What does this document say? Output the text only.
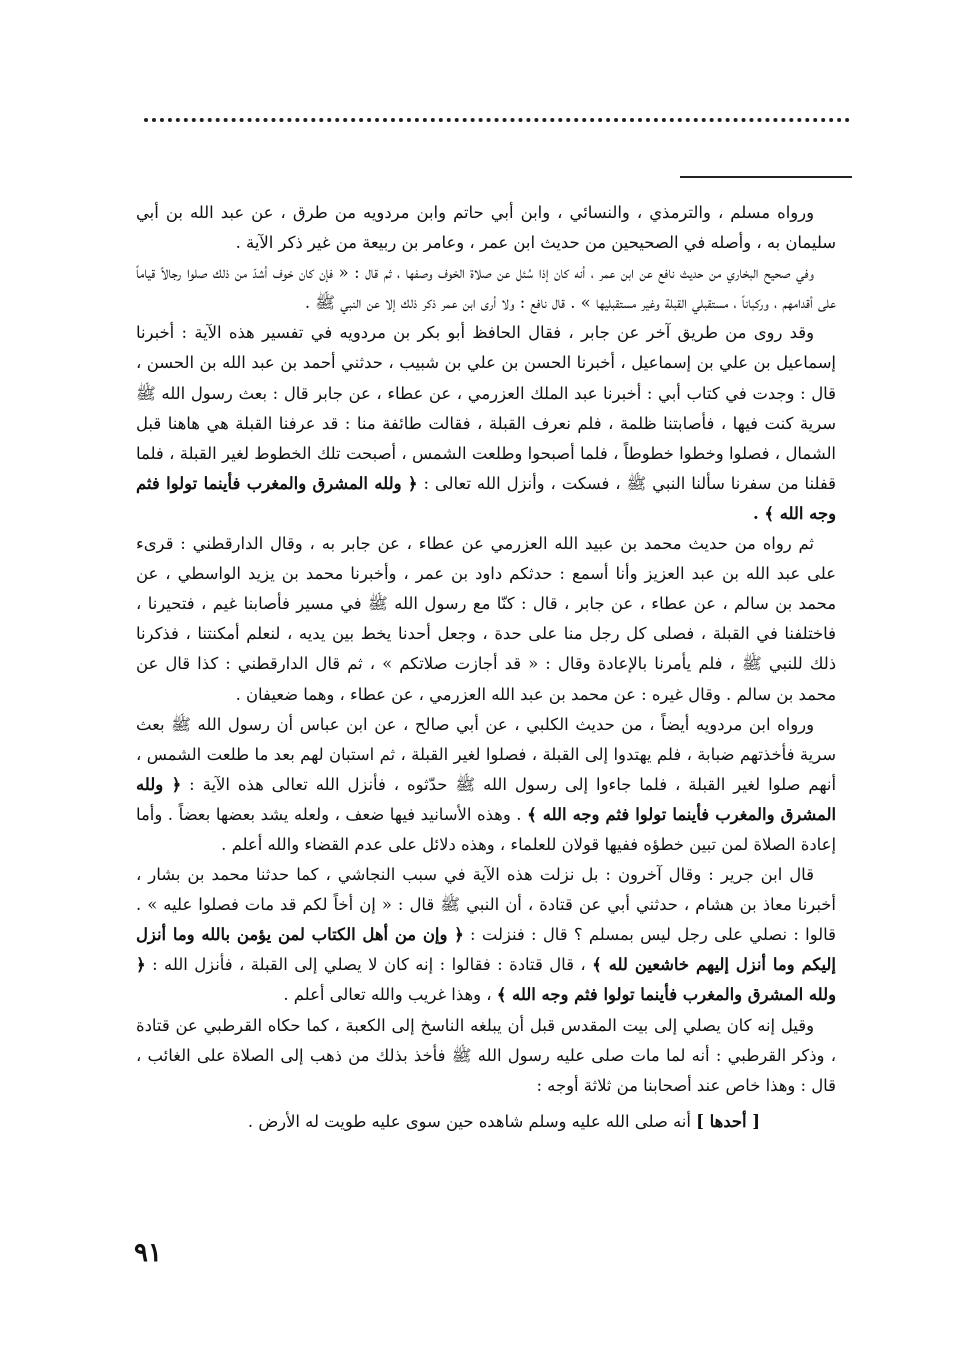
ورواه مسلم ، والترمذي ، والنسائي ، وابن أبي حاتم وابن مردويه من طرق ، عن عبد الله بن أبي سليمان به ، وأصله في الصحيحين من حديث ابن عمر ، وعامر بن ربيعة من غير ذكر الآية .

وفي صحيح البخاري من حديث نافع عن ابن عمر ، أنه كان إذا سُئل عن صلاة الخوف وصفها ، ثم قال : « فإن كان خوف أشدّ من ذلك صلوا رجالاً قياماً على أقدامهم ، وركباناً ، مستقبلي القبلة وغير مستقبليها » . قال نافع : ولا أرى ابن عمر ذكر ذلك إلا عن النبي ﷺ .

وقد روى من طريق آخر عن جابر ، فقال الحافظ أبو بكر بن مردويه في تفسير هذه الآية : أخبرنا إسماعيل بن علي بن إسماعيل ، أخبرنا الحسن بن علي بن شبيب ، حدثني أحمد بن عبد الله بن الحسن ، قال : وجدت في كتاب أبي : أخبرنا عبد الملك العزرمي ، عن عطاء ، عن جابر قال : بعث رسول الله ﷺ سرية كنت فيها ، فأصابتنا ظلمة ، فلم نعرف القبلة ، فقالت طائفة منا : قد عرفنا القبلة هي هاهنا قبل الشمال ، فصلوا وخطوا خطوطاً ، فلما أصبحوا وطلعت الشمس ، أصبحت تلك الخطوط لغير القبلة ، فلما قفلنا من سفرنا سألنا النبي ﷺ ، فسكت ، وأنزل الله تعالى : ﴿ ولله المشرق والمغرب فأينما تولوا فثم وجه الله ﴾ .

ثم رواه من حديث محمد بن عبيد الله العزرمي عن عطاء ، عن جابر به ، وقال الدارقطني : قرىء على عبد الله بن عبد العزيز وأنا أسمع : حدثكم داود بن عمر ، وأخبرنا محمد بن يزيد الواسطي ، عن محمد بن سالم ، عن عطاء ، عن جابر ، قال : كنّا مع رسول الله ﷺ في مسير فأصابنا غيم ، فتحيرنا ، فاختلفنا في القبلة ، فصلى كل رجل منا على حدة ، وجعل أحدنا يخط بين يديه ، لنعلم أمكنتنا ، فذكرنا ذلك للنبي ﷺ ، فلم يأمرنا بالإعادة وقال : « قد أجازت صلاتكم » ، ثم قال الدارقطني : كذا قال عن محمد بن سالم . وقال غيره : عن محمد بن عبد الله العزرمي ، عن عطاء ، وهما ضعيفان .

ورواه ابن مردويه أيضاً ، من حديث الكلبي ، عن أبي صالح ، عن ابن عباس أن رسول الله ﷺ بعث سرية فأخذتهم ضبابة ، فلم يهتدوا إلى القبلة ، فصلوا لغير القبلة ، ثم استبان لهم بعد ما طلعت الشمس ، أنهم صلوا لغير القبلة ، فلما جاءوا إلى رسول الله ﷺ حدّثوه ، فأنزل الله تعالى هذه الآية : ﴿ ولله المشرق والمغرب فأينما تولوا فثم وجه الله ﴾ . وهذه الأسانيد فيها ضعف ، ولعله يشد بعضها بعضاً . وأما إعادة الصلاة لمن تبين خطؤه ففيها قولان للعلماء ، وهذه دلائل على عدم القضاء والله أعلم .

قال ابن جرير : وقال آخرون : بل نزلت هذه الآية في سبب النجاشي ، كما حدثنا محمد بن بشار ، أخبرنا معاذ بن هشام ، حدثني أبي عن قتادة ، أن النبي ﷺ قال : « إن أخاً لكم قد مات فصلوا عليه » . قالوا : نصلي على رجل ليس بمسلم ؟ قال : فنزلت : ﴿ وإن من أهل الكتاب لمن يؤمن بالله وما أنزل إليكم وما أنزل إليهم خاشعين لله ﴾ ، قال قتادة : فقالوا : إنه كان لا يصلي إلى القبلة ، فأنزل الله : ﴿ ولله المشرق والمغرب فأينما تولوا فثم وجه الله ﴾ ، وهذا غريب والله تعالى أعلم .

وقيل إنه كان يصلي إلى بيت المقدس قبل أن يبلغه الناسخ إلى الكعبة ، كما حكاه القرطبي عن قتادة ، وذكر القرطبي : أنه لما مات صلى عليه رسول الله ﷺ فأخذ بذلك من ذهب إلى الصلاة على الغائب ، قال : وهذا خاص عند أصحابنا من ثلاثة أوجه :

[ أحدها ] أنه صلى الله عليه وسلم شاهده حين سوى عليه طويت له الأرض .

٩١
